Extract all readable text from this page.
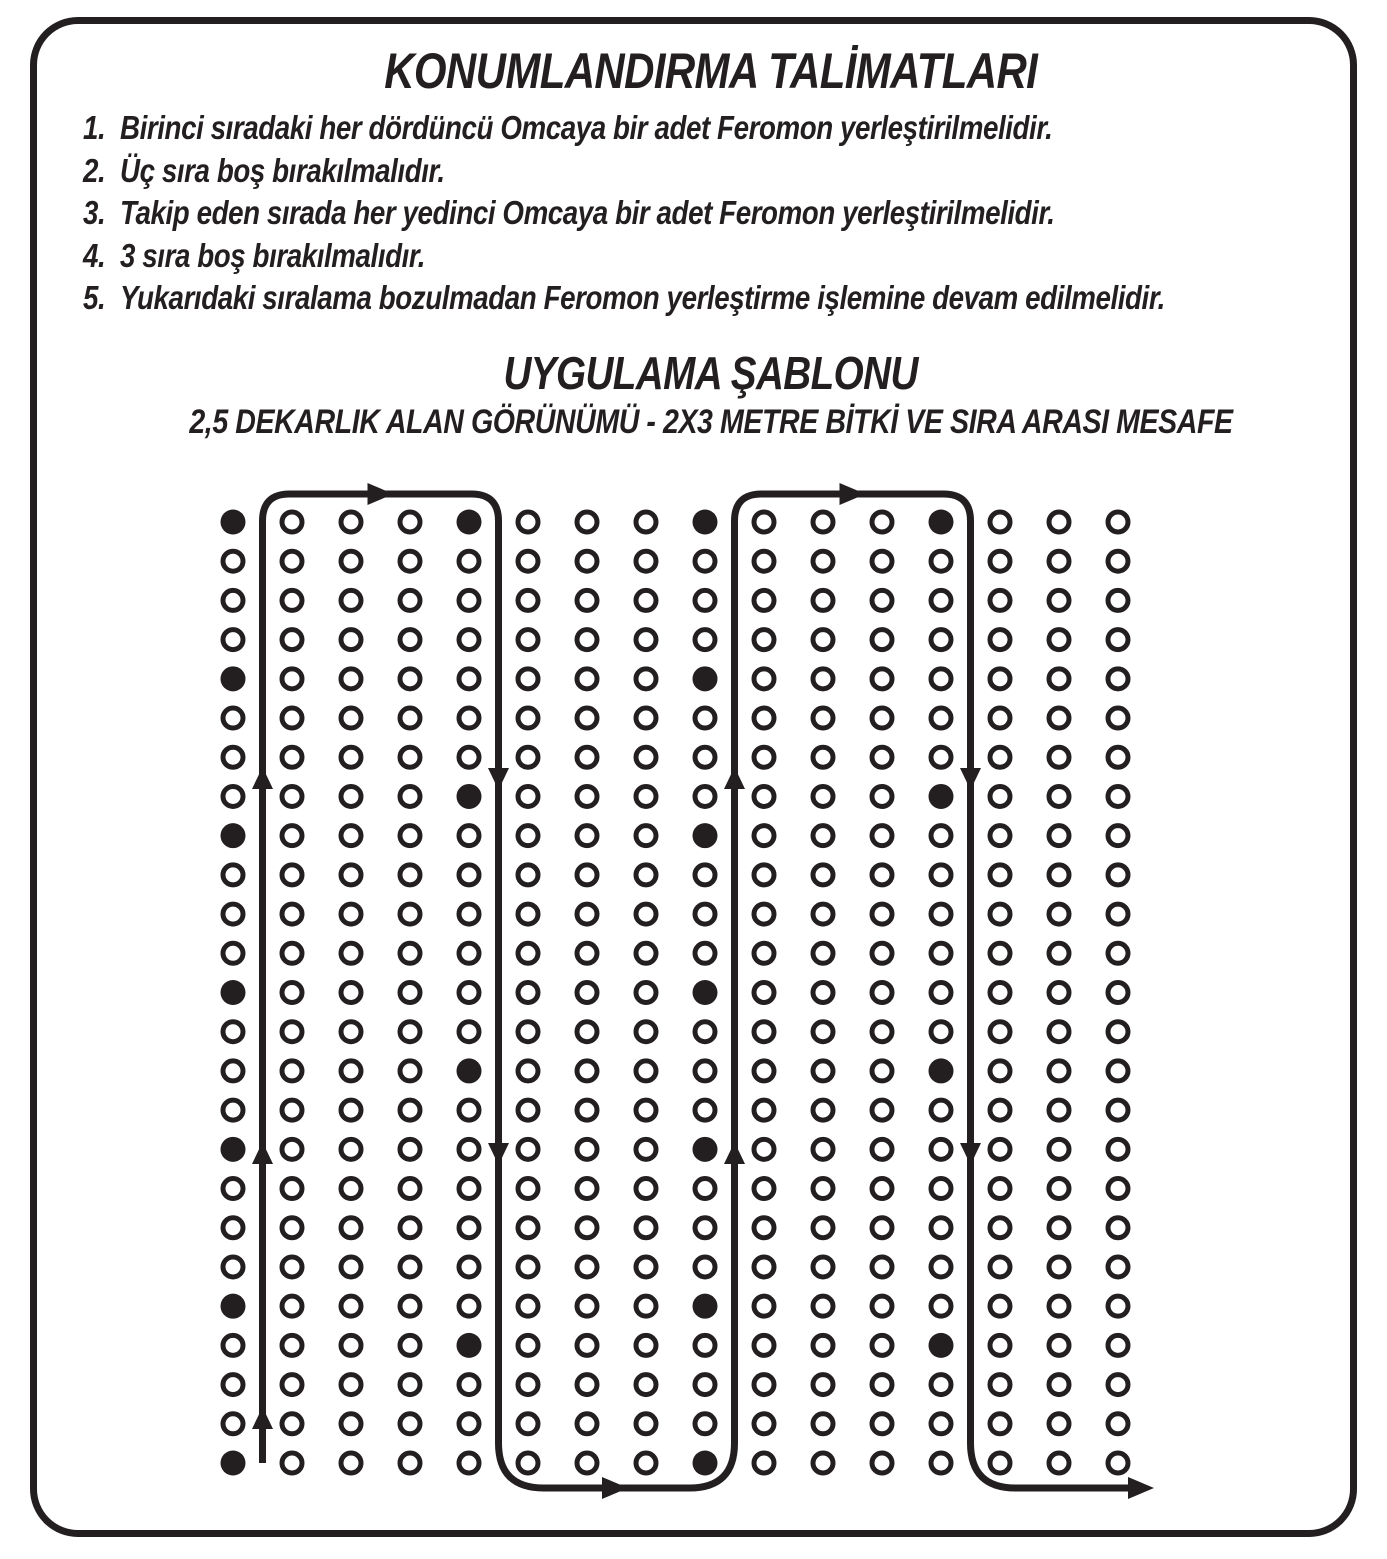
KONUMLANDIRMA TALİMATLARI
1. Birinci sıradaki her dördüncü Omcaya bir adet Feromon yerleştirilmelidir.
2. Üç sıra boş bırakılmalıdır.
3. Takip eden sırada her yedinci Omcaya bir adet Feromon yerleştirilmelidir.
4. 3 sıra boş bırakılmalıdır.
5. Yukarıdaki sıralama bozulmadan Feromon yerleştirme işlemine devam edilmelidir.
UYGULAMA ŞABLONU
2,5 DEKARLIK ALAN GÖRÜNÜMÜ - 2X3 METRE BİTKİ VE SIRA ARASI MESAFE
